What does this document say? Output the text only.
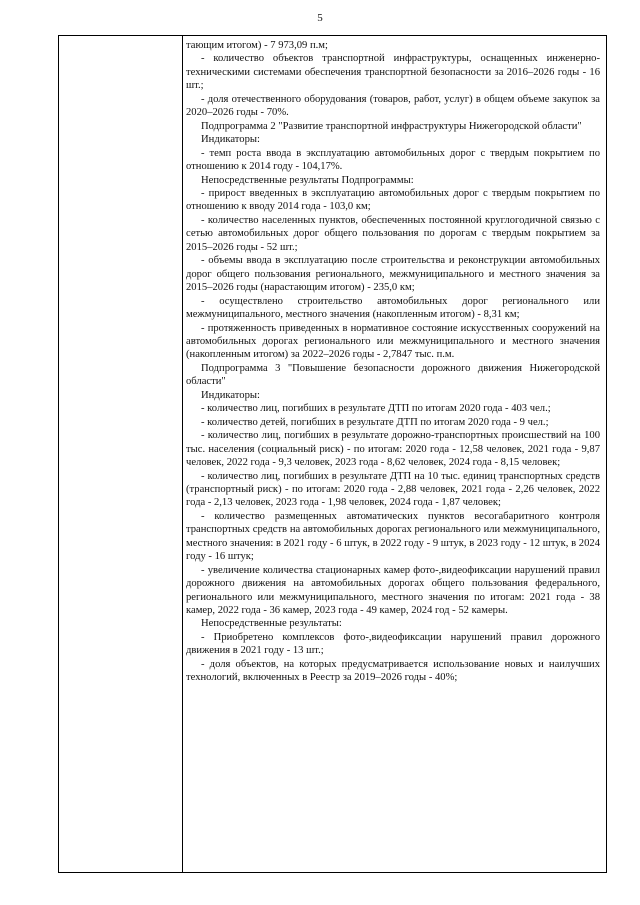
5

тающим итогом) - 7 973,09 п.м;

- количество объектов транспортной инфраструктуры, оснащенных инженерно-техническими системами обеспечения транспортной безопасности за 2016–2026 годы - 16 шт.;

- доля отечественного оборудования (товаров, работ, услуг) в общем объеме закупок за 2020–2026 годы - 70%.

Подпрограмма 2 "Развитие транспортной инфраструктуры Нижегородской области"

Индикаторы:

- темп роста ввода в эксплуатацию автомобильных дорог с твердым покрытием по отношению к 2014 году - 104,17%.

Непосредственные результаты Подпрограммы:

- прирост введенных в эксплуатацию автомобильных дорог с твердым покрытием по отношению к вводу 2014 года - 103,0 км;

- количество населенных пунктов, обеспеченных постоянной круглогодичной связью с сетью автомобильных дорог общего пользования по дорогам с твердым покрытием за 2015–2026 годы - 52 шт.;

- объемы ввода в эксплуатацию после строительства и реконструкции автомобильных дорог общего пользования регионального, межмуниципального и местного значения за 2015–2026 годы (нарастающим итогом) - 235,0 км;

- осуществлено строительство автомобильных дорог регионального или межмуниципального, местного значения (накопленным итогом) - 8,31 км;

- протяженность приведенных в нормативное состояние искусственных сооружений на автомобильных дорогах регионального или межмуниципального и местного значения (накопленным итогом) за 2022–2026 годы - 2,7847 тыс. п.м.

Подпрограмма 3 "Повышение безопасности дорожного движения Нижегородской области"

Индикаторы:

- количество лиц, погибших в результате ДТП по итогам 2020 года - 403 чел.;

- количество детей, погибших в результате ДТП по итогам 2020 года - 9 чел.;

- количество лиц, погибших в результате дорожно-транспортных происшествий на 100 тыс. населения (социальный риск) - по итогам: 2020 года - 12,58 человек, 2021 года - 9,87 человек, 2022 года - 9,3 человек, 2023 года - 8,62 человек, 2024 года - 8,15 человек;

- количество лиц, погибших в результате ДТП на 10 тыс. единиц транспортных средств (транспортный риск) - по итогам: 2020 года - 2,88 человек, 2021 года - 2,26 человек, 2022 года - 2,13 человек, 2023 года - 1,98 человек, 2024 года - 1,87 человек;

- количество размещенных автоматических пунктов весогабаритного контроля транспортных средств на автомобильных дорогах регионального или межмуниципального, местного значения: в 2021 году - 6 штук, в 2022 году - 9 штук, в 2023 году - 12 штук, в 2024 году - 16 штук;

- увеличение количества стационарных камер фото-,видеофиксации нарушений правил дорожного движения на автомобильных дорогах общего пользования федерального, регионального или межмуниципального, местного значения по итогам: 2021 года - 38 камер, 2022 года - 36 камер, 2023 года - 49 камер, 2024 год - 52 камеры.

Непосредственные результаты:

- Приобретено комплексов фото-,видеофиксации нарушений правил дорожного движения в 2021 году - 13 шт.;

- доля объектов, на которых предусматривается использование новых и наилучших технологий, включенных в Реестр за 2019–2026 годы - 40%;
